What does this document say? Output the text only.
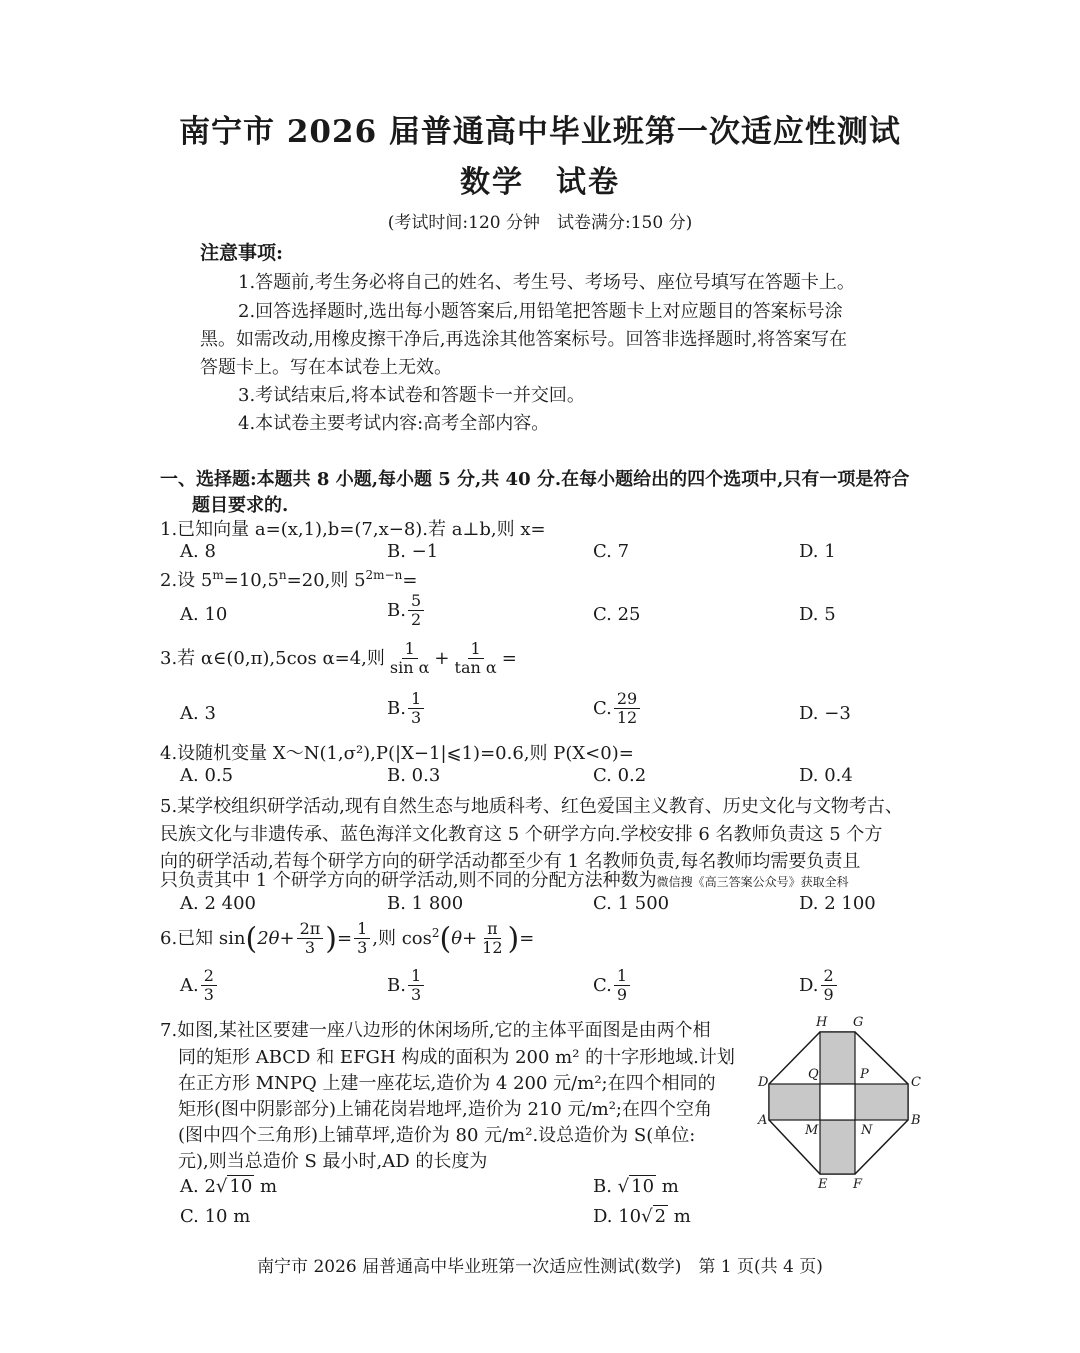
南宁市 2026 届普通高中毕业班第一次适应性测试
数学　试卷
(考试时间:120 分钟　试卷满分:150 分)
注意事项:
1.答题前,考生务必将自己的姓名、考生号、考场号、座位号填写在答题卡上。
2.回答选择题时,选出每小题答案后,用铅笔把答题卡上对应题目的答案标号涂
黑。如需改动,用橡皮擦干净后,再选涂其他答案标号。回答非选择题时,将答案写在
答题卡上。写在本试卷上无效。
3.考试结束后,将本试卷和答题卡一并交回。
4.本试卷主要考试内容:高考全部内容。
一、选择题:本题共 8 小题,每小题 5 分,共 40 分.在每小题给出的四个选项中,只有一项是符合
题目要求的.
1.已知向量 a=(x,1),b=(7,x−8).若 a⊥b,则 x=
A. 8	B. −1	C. 7	D. 1
2.设 $5^m=10,5^n=20$,则 $5^{2m-n}=$
A. 10	B. $\frac{5}{2}$	C. 25	D. 5
3.若 α∈(0,π),5cos α=4,则 $\frac{1}{\text{sin α}} + \frac{1}{\text{tan α}}$ =
A. 3	B. $\frac{1}{3}$	C. $\frac{29}{12}$	D. −3
4.设随机变量 X～N(1,σ²),P(|X−1|⩽1)=0.6,则 P(X<0)=
A. 0.5	B. 0.3	C. 0.2	D. 0.4
5.某学校组织研学活动,现有自然生态与地质科考、红色爱国主义教育、历史文化与文物考古、
民族文化与非遗传承、蓝色海洋文化教育这 5 个研学方向.学校安排 6 名教师负责这 5 个方
向的研学活动,若每个研学方向的研学活动都至少有 1 名教师负责,每名教师均需要负责且
只负责其中 1 个研学方向的研学活动,则不同的分配方法种数为微信搜《高三答案公众号》获取全科
A. 2 400	B. 1 800	C. 1 500	D. 2 100
6.已知 $\sin(2\theta+ \frac{2\pi}{3}$ )= $\frac{1}{3}$ ,则 $\cos^2(\theta+ \frac{\pi}{12}$ )=
A. $\frac{2}{3}$	B. $\frac{1}{3}$	C. $\frac{1}{9}$	D. $\frac{2}{9}$
7.如图,某社区要建一座八边形的休闲场所,它的主体平面图是由两个相
同的矩形 ABCD 和 EFGH 构成的面积为 200 m² 的十字形地域.计划
在正方形 MNPQ 上建一座花坛,造价为 4 200 元/m²;在四个相同的
矩形(图中阴影部分)上铺花岗岩地坪,造价为 210 元/m²;在四个空角
(图中四个三角形)上铺草坪,造价为 80 元/m².设总造价为 S(单位:
元),则当总造价 S 最小时,AD 的长度为
A. 2√ 10 m	B. √ 10 m
C. 10 m	D. 10√ 2 m
H G
D
Q	P
C
A
M	N
B
E F
南宁市 2026 届普通高中毕业班第一次适应性测试(数学)　第 1 页(共 4 页)
